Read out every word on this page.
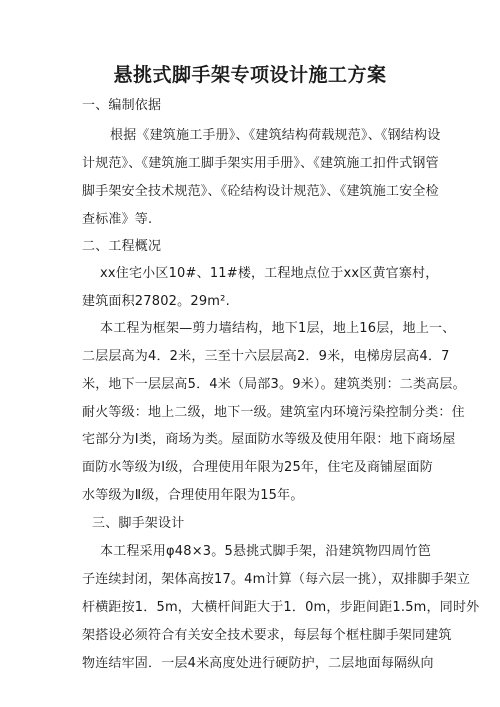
悬挑式脚手架专项设计施工方案
一、编制依据
根据《建筑施工手册》、《建筑结构荷载规范》、《钢结构设
计规范》、《建筑施工脚手架实用手册》、《建筑施工扣件式钢管
脚手架安全技术规范》、《砼结构设计规范》、《建筑施工安全检
查标准》等.
二、工程概况
xx住宅小区10#、11#楼，工程地点位于xx区黄官寨村，
建筑面积27802。29m².
本工程为框架—剪力墙结构，地下1层，地上16层，地上一、
二层层高为4．2米，三至十六层层高2．9米，电梯房层高4．7
米，地下一层层高5．4米（局部3。9米）。建筑类别：二类高层。
耐火等级：地上二级，地下一级。建筑室内环境污染控制分类：住
宅部分为Ⅰ类，商场为类。屋面防水等级及使用年限：地下商场屋
面防水等级为Ⅰ级，合理使用年限为25年，住宅及商铺屋面防
水等级为Ⅱ级，合理使用年限为15年。
三、脚手架设计
本工程采用φ48×3。5悬挑式脚手架，沿建筑物四周竹笆
子连续封闭，架体高按17。4m计算（每六层一挑），双排脚手架立
杆横距按1．5m，大横杆间距大于1．0m，步距间距1.5m，同时外
架搭设必须符合有关安全技术要求，每层每个框柱脚手架同建筑
物连结牢固．一层4米高度处进行硬防护，二层地面每隔纵向
